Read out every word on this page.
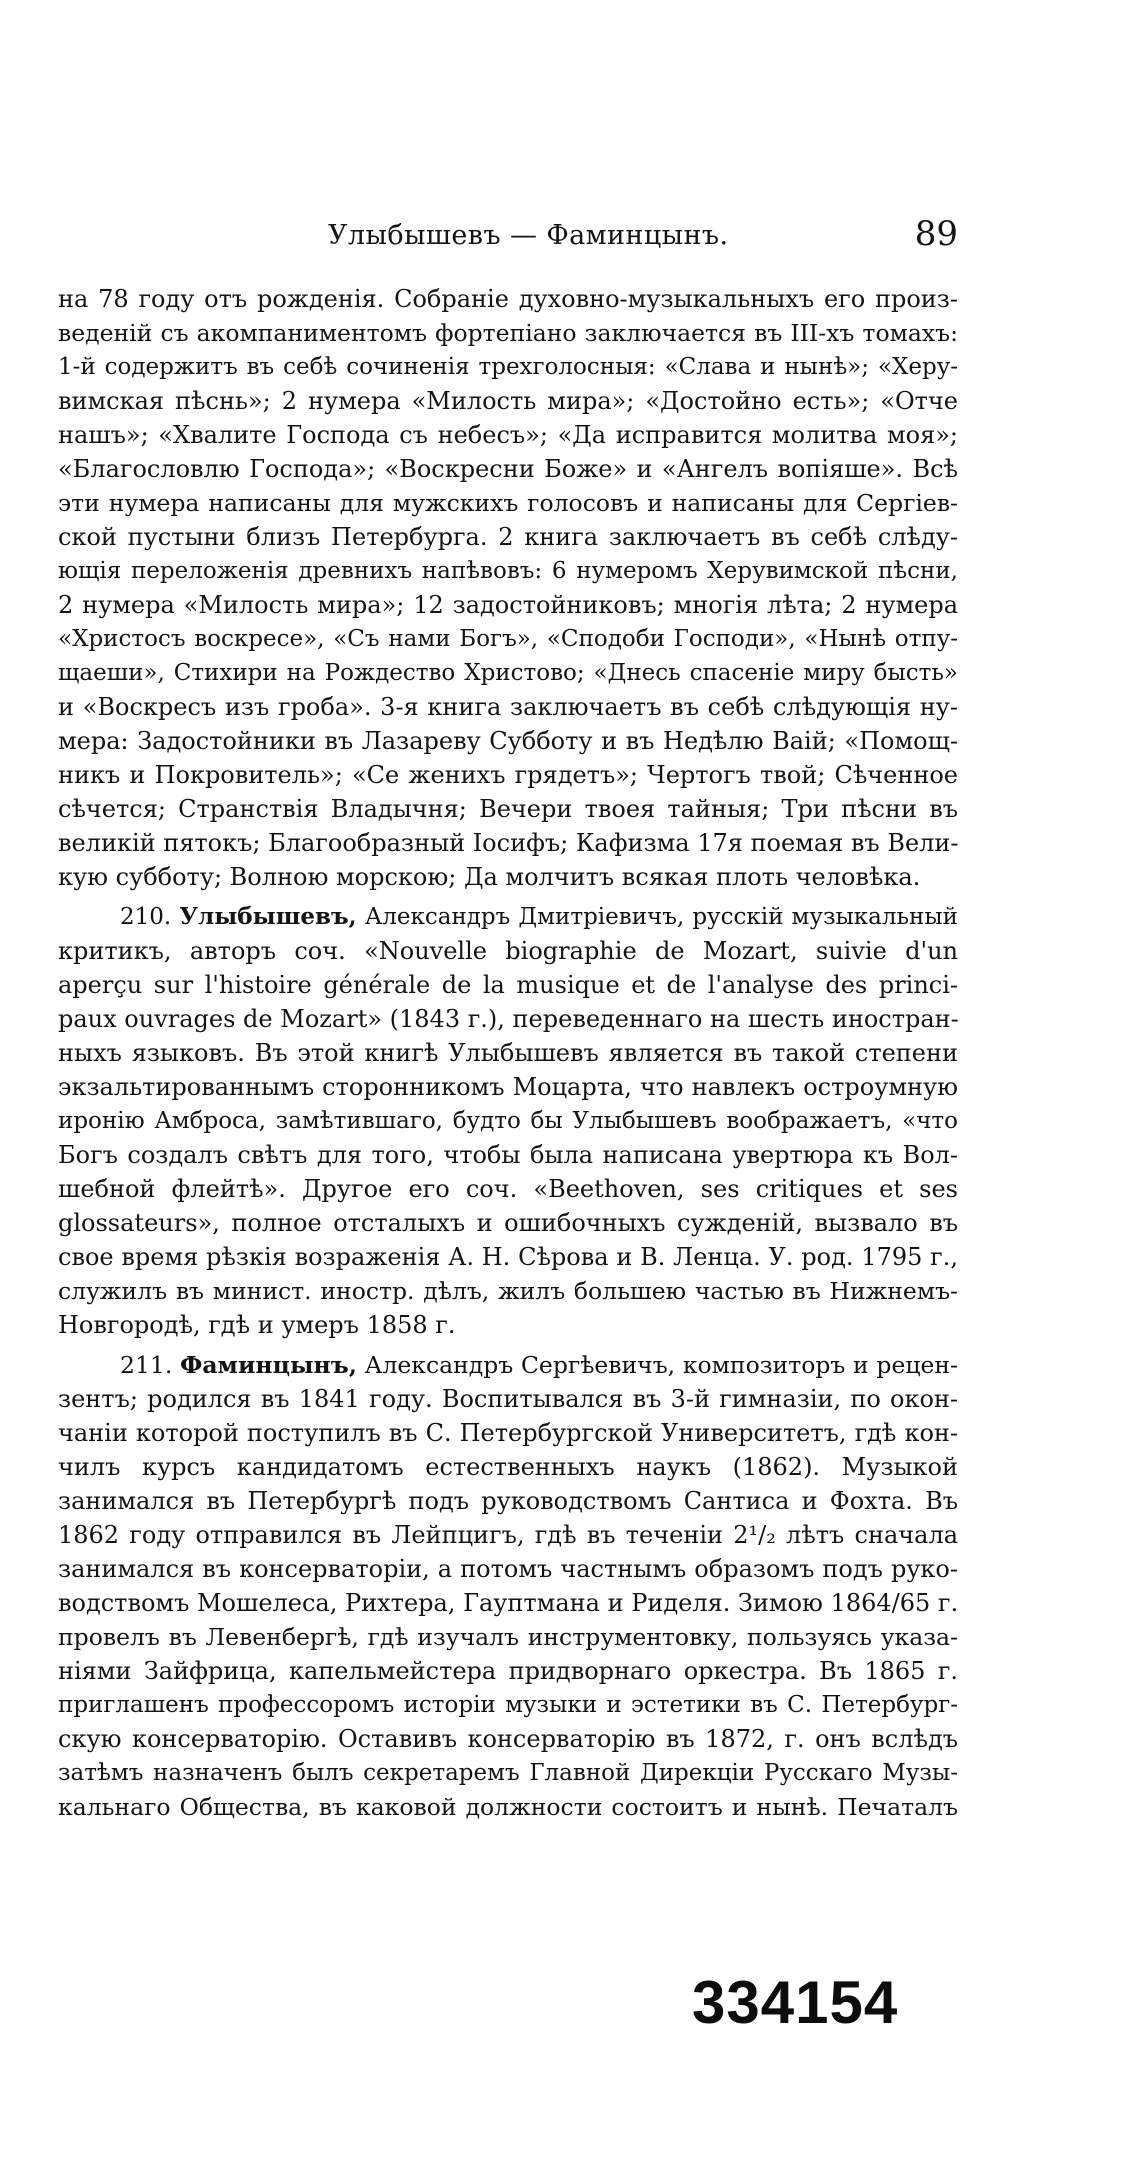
Улыбышевъ — Фаминцынъ.	89
на 78 году отъ рожденія. Собраніе духовно-музыкальныхъ его произ-
веденій съ акомпаниментомъ фортепіано заключается въ III-хъ томахъ:
1-й содержитъ въ себѣ сочиненія трехголосныя: «Слава и нынѣ»; «Херу-
вимская пѣснь»; 2 нумера «Милость мира»; «Достойно есть»; «Отче
нашъ»; «Хвалите Господа съ небесъ»; «Да исправится молитва моя»;
«Благословлю Господа»; «Воскресни Боже» и «Ангелъ вопіяше». Всѣ
эти нумера написаны для мужскихъ голосовъ и написаны для Сергіев-
ской пустыни близъ Петербурга. 2 книга заключаетъ въ себѣ слѣду-
ющія переложенія древнихъ напѣвовъ: 6 нумеромъ Херувимской пѣсни,
2 нумера «Милость мира»; 12 задостойниковъ; многія лѣта; 2 нумера
«Христосъ воскресе», «Съ нами Богъ», «Сподоби Господи», «Нынѣ отпу-
щаеши», Стихири на Рождество Христово; «Днесь спасеніе миру бысть»
и «Воскресъ изъ гроба». 3-я книга заключаетъ въ себѣ слѣдующія ну-
мера: Задостойники въ Лазареву Субботу и въ Недѣлю Ваій; «Помощ-
никъ и Покровитель»; «Се женихъ грядетъ»; Чертогъ твой; Сѣченное
сѣчется; Странствія Владычня; Вечери твоея тайныя; Три пѣсни въ
великій пятокъ; Благообразный Іосифъ; Кафизма 17я поемая въ Вели-
кую субботу; Волною морскою; Да молчитъ всякая плоть человѣка.
210. Улыбышевъ, Александръ Дмитріевичъ, русскій музыкальный
критикъ, авторъ соч. «Nouvelle biographie de Mozart, suivie d'un
aperçu sur l'histoire générale de la musique et de l'analyse des princi-
paux ouvrages de Mozart» (1843 г.), переведеннаго на шесть иностран-
ныхъ языковъ. Въ этой книгѣ Улыбышевъ является въ такой степени
экзальтированнымъ сторонникомъ Моцарта, что навлекъ остроумную
иронію Амброса, замѣтившаго, будто бы Улыбышевъ воображаетъ, «что
Богъ создалъ свѣтъ для того, чтобы была написана увертюра къ Вол-
шебной флейтѣ». Другое его соч. «Beethoven, ses critiques et ses
glossateurs», полное отсталыхъ и ошибочныхъ сужденій, вызвало въ
свое время рѣзкія возраженія А. Н. Сѣрова и В. Ленца. У. род. 1795 г.,
служилъ въ минист. иностр. дѣлъ, жилъ большею частью въ Нижнемъ-
Новгородѣ, гдѣ и умеръ 1858 г.
211. Фаминцынъ, Александръ Сергѣевичъ, композиторъ и рецен-
зентъ; родился въ 1841 году. Воспитывался въ 3-й гимназіи, по окон-
чаніи которой поступилъ въ С. Петербургской Университетъ, гдѣ кон-
чилъ курсъ кандидатомъ естественныхъ наукъ (1862). Музыкой
занимался въ Петербургѣ подъ руководствомъ Сантиса и Фохта. Въ
1862 году отправился въ Лейпцигъ, гдѣ въ теченіи 2¹/₂ лѣтъ сначала
занимался въ консерваторіи, а потомъ частнымъ образомъ подъ руко-
водствомъ Мошелеса, Рихтера, Гауптмана и Риделя. Зимою 1864/65 г.
провелъ въ Левенбергѣ, гдѣ изучалъ инструментовку, пользуясь указа-
ніями Зайфрица, капельмейстера придворнаго оркестра. Въ 1865 г.
приглашенъ профессоромъ исторіи музыки и эстетики въ С. Петербург-
скую консерваторію. Оставивъ консерваторію въ 1872, г. онъ вслѣдъ
затѣмъ назначенъ былъ секретаремъ Главной Дирекціи Русскаго Музы-
кальнаго Общества, въ каковой должности состоитъ и нынѣ. Печаталъ
334154
